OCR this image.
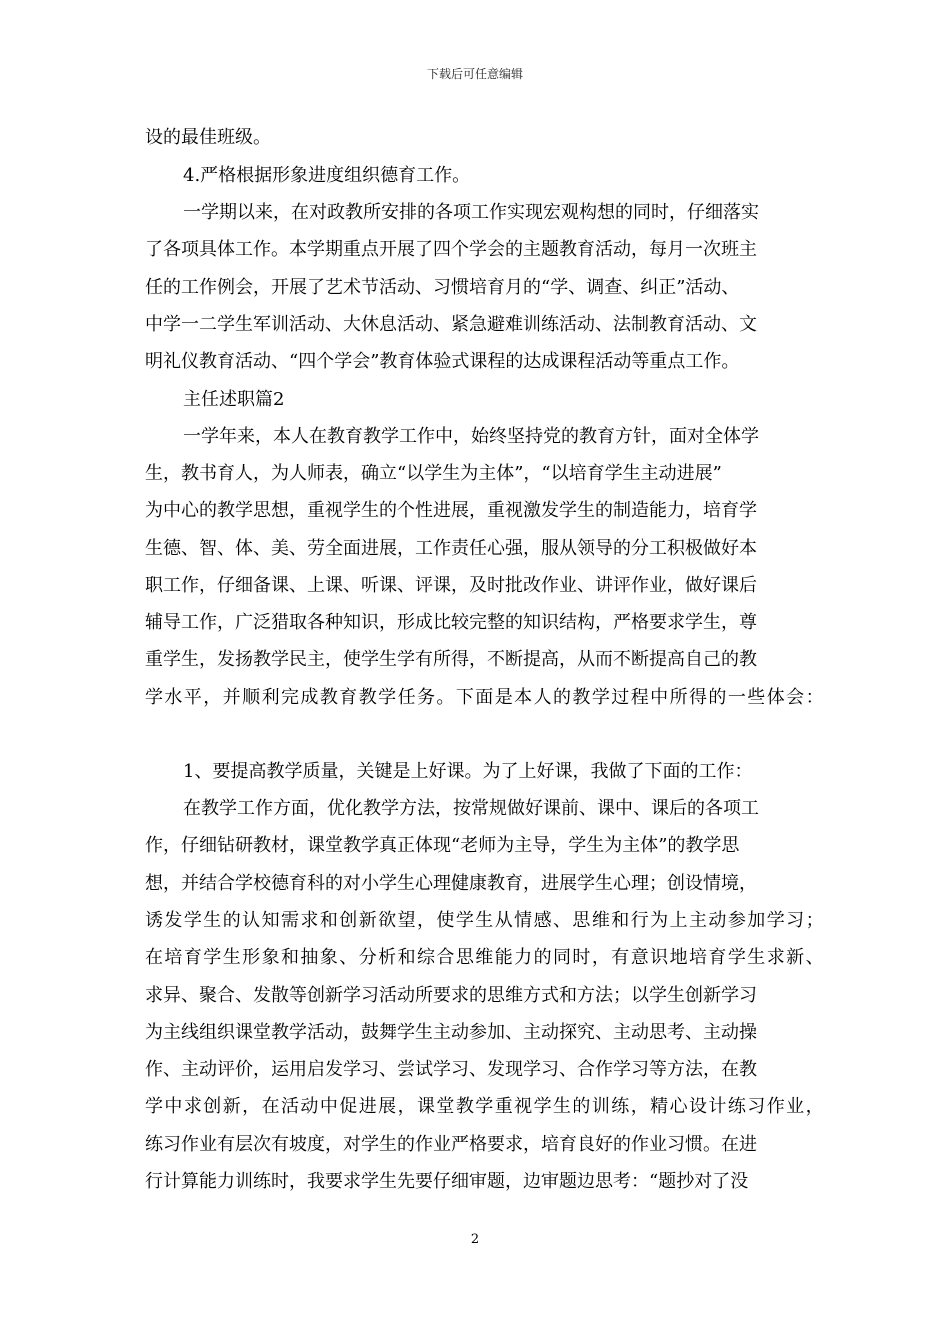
下载后可任意编辑
设的最佳班级。
4.严格根据形象进度组织德育工作。
一学期以来，在对政教所安排的各项工作实现宏观构想的同时，仔细落实
了各项具体工作。本学期重点开展了四个学会的主题教育活动，每月一次班主
任的工作例会，开展了艺术节活动、习惯培育月的“学、调查、纠正”活动、
中学一二学生军训活动、大休息活动、紧急避难训练活动、法制教育活动、文
明礼仪教育活动、“四个学会”教育体验式课程的达成课程活动等重点工作。
主任述职篇2
一学年来，本人在教育教学工作中，始终坚持党的教育方针，面对全体学
生，教书育人，为人师表，确立“以学生为主体”，“以培育学生主动进展”
为中心的教学思想，重视学生的个性进展，重视激发学生的制造能力，培育学
生德、智、体、美、劳全面进展，工作责任心强，服从领导的分工积极做好本
职工作，仔细备课、上课、听课、评课，及时批改作业、讲评作业，做好课后
辅导工作，广泛猎取各种知识，形成比较完整的知识结构，严格要求学生，尊
重学生，发扬教学民主，使学生学有所得，不断提高，从而不断提高自己的教
学水平，并顺利完成教育教学任务。下面是本人的教学过程中所得的一些体会：
1、要提高教学质量，关键是上好课。为了上好课，我做了下面的工作：
在教学工作方面，优化教学方法，按常规做好课前、课中、课后的各项工
作，仔细钻研教材，课堂教学真正体现“老师为主导，学生为主体”的教学思
想，并结合学校德育科的对小学生心理健康教育，进展学生心理；创设情境，
诱发学生的认知需求和创新欲望，使学生从情感、思维和行为上主动参加学习；
在培育学生形象和抽象、分析和综合思维能力的同时，有意识地培育学生求新、
求异、聚合、发散等创新学习活动所要求的思维方式和方法；以学生创新学习
为主线组织课堂教学活动，鼓舞学生主动参加、主动探究、主动思考、主动操
作、主动评价，运用启发学习、尝试学习、发现学习、合作学习等方法，在教
学中求创新，在活动中促进展，课堂教学重视学生的训练，精心设计练习作业，
练习作业有层次有坡度，对学生的作业严格要求，培育良好的作业习惯。在进
行计算能力训练时，我要求学生先要仔细审题，边审题边思考：“题抄对了没
2
